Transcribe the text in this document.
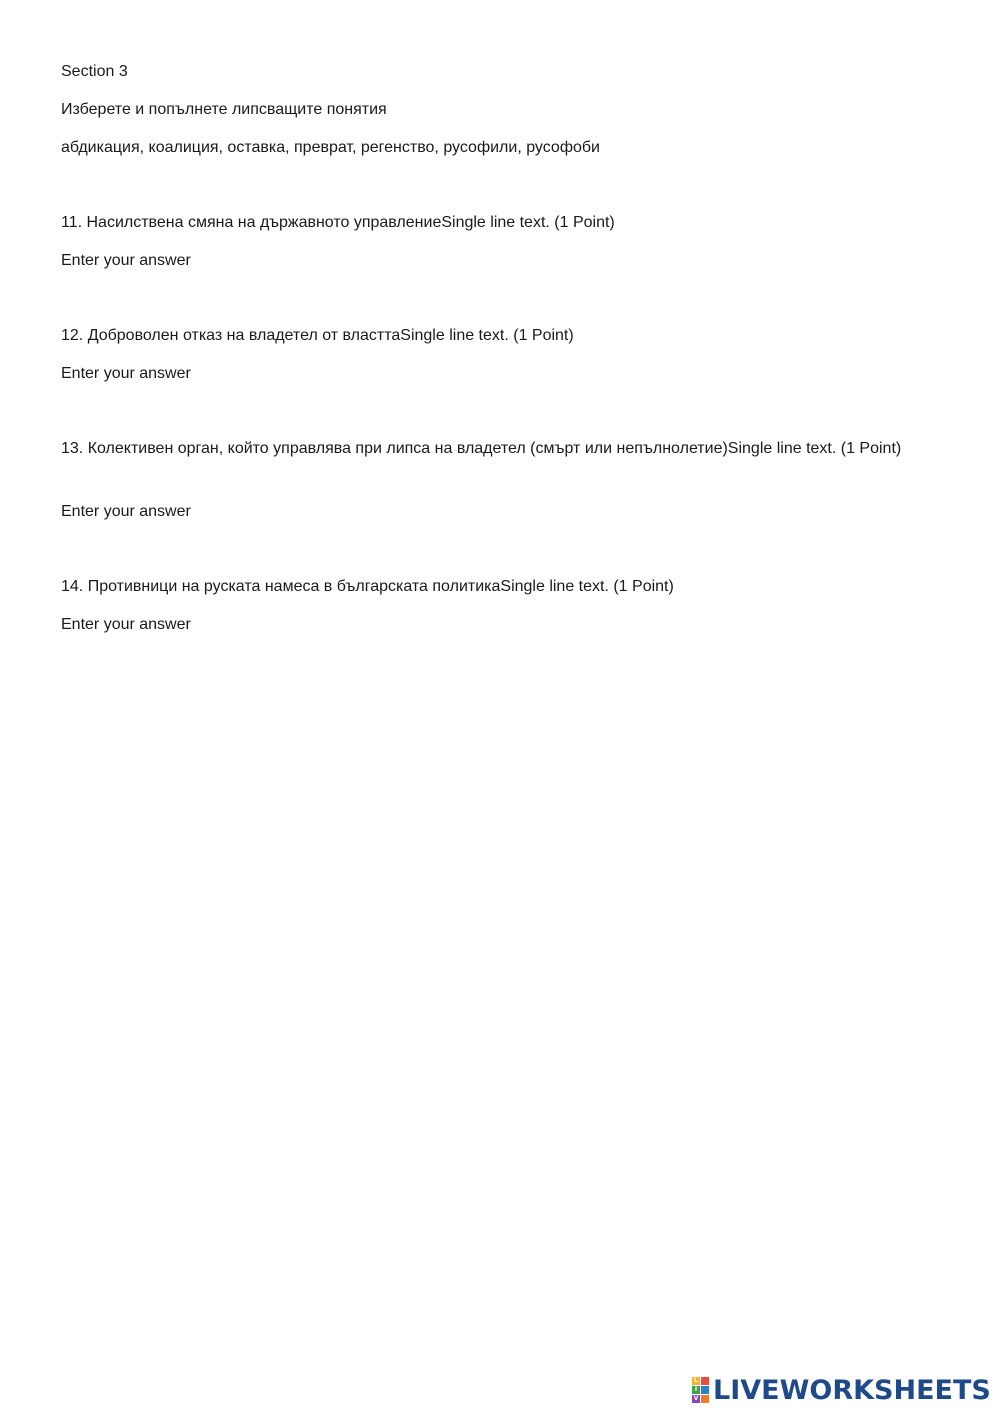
Section 3
Изберете и попълнете липсващите понятия
абдикация, коалиция, оставка, преврат, регенство, русофили, русофоби
11. Насилствена смяна на държавното управлениеSingle line text. (1 Point)
Enter your answer
12. Доброволен отказ на владетел от власттаSingle line text. (1 Point)
Enter your answer
13. Колективен орган, който управлява при липса на владетел (смърт или непълнолетие)Single line text. (1 Point)
Enter your answer
14. Противници на руската намеса в българската политикаSingle line text. (1 Point)
Enter your answer
L
I
V LIVEWORKSHEETS
